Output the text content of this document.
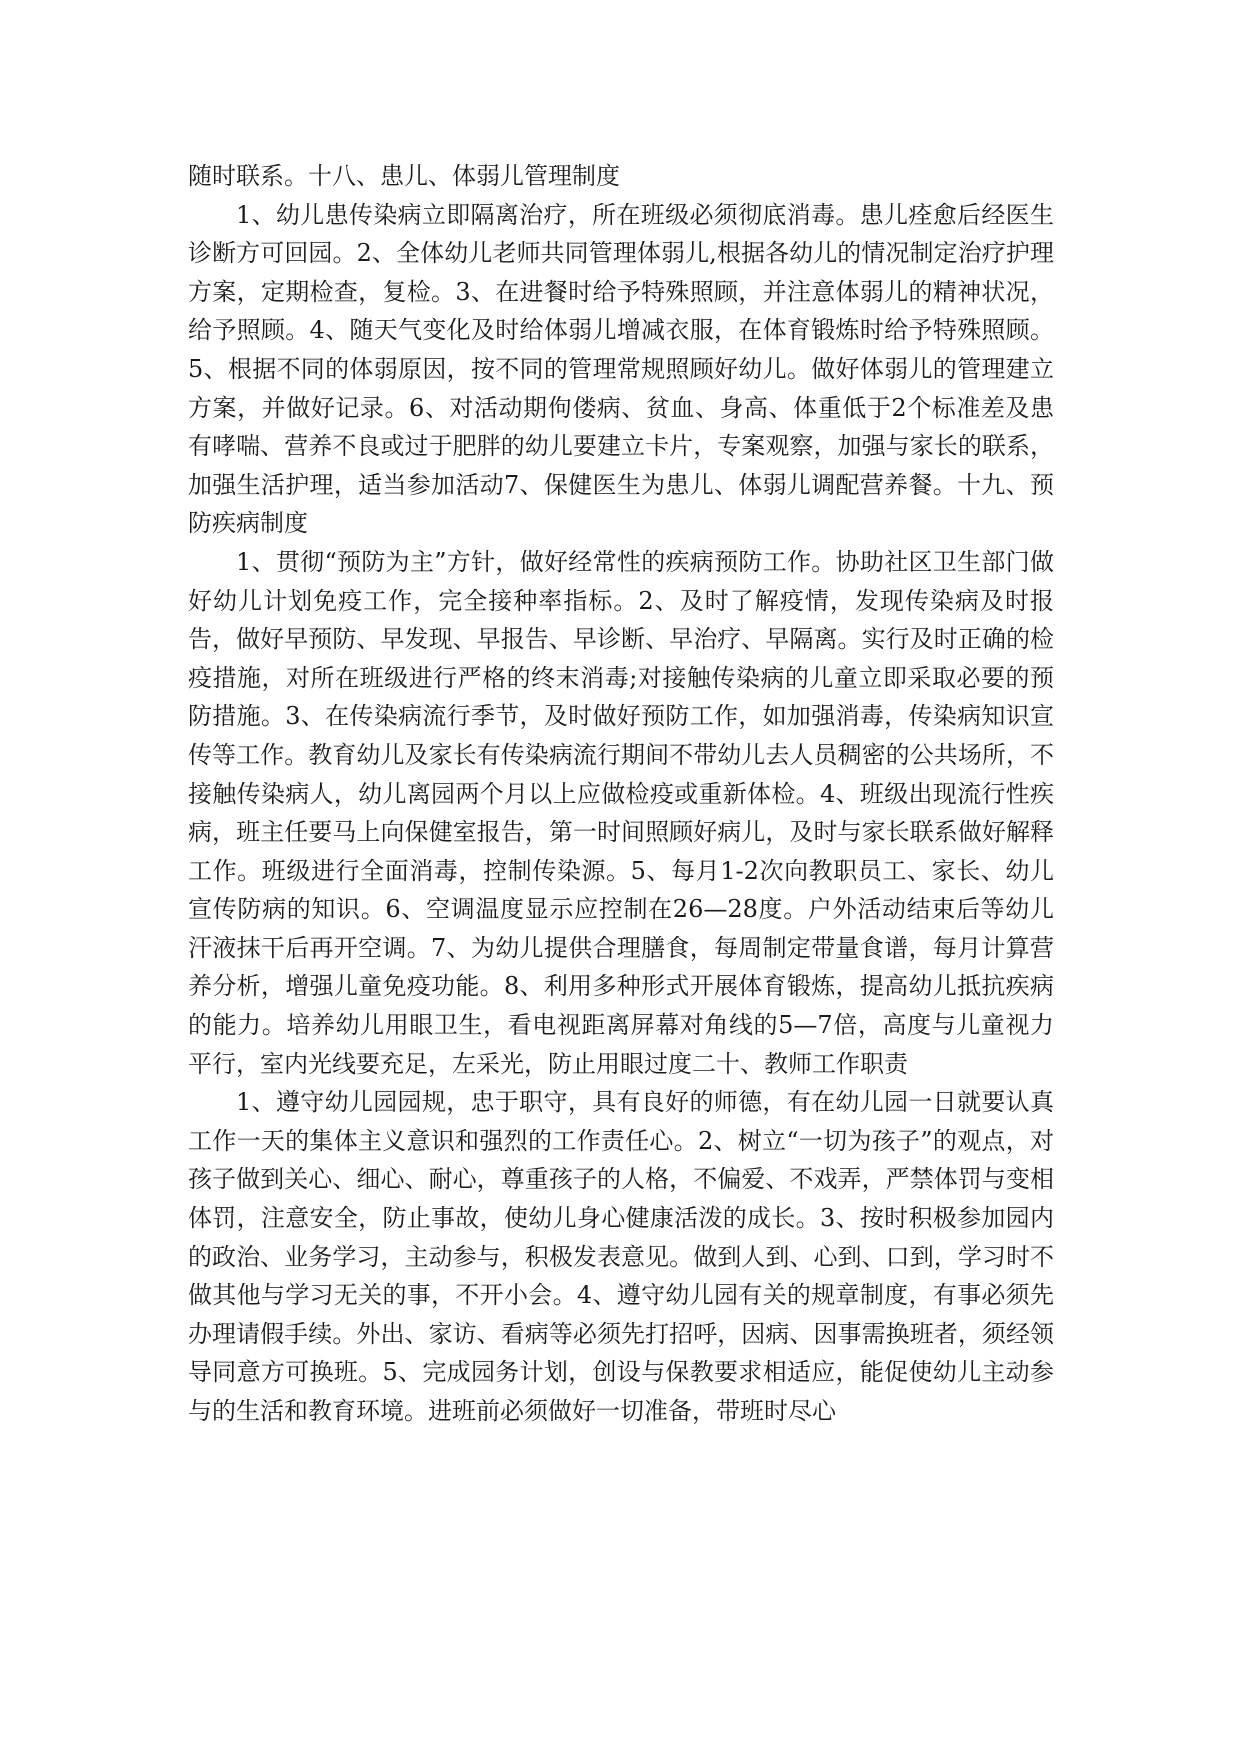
随时联系。十八、患儿、体弱儿管理制度

1、幼儿患传染病立即隔离治疗，所在班级必须彻底消毒。患儿痊愈后经医生诊断方可回园。2、全体幼儿老师共同管理体弱儿,根据各幼儿的情况制定治疗护理方案，定期检查，复检。3、在进餐时给予特殊照顾，并注意体弱儿的精神状况，给予照顾。4、随天气变化及时给体弱儿增减衣服，在体育锻炼时给予特殊照顾。5、根据不同的体弱原因，按不同的管理常规照顾好幼儿。做好体弱儿的管理建立方案，并做好记录。6、对活动期佝偻病、贫血、身高、体重低于2个标准差及患有哮喘、营养不良或过于肥胖的幼儿要建立卡片，专案观察，加强与家长的联系，加强生活护理，适当参加活动7、保健医生为患儿、体弱儿调配营养餐。十九、预防疾病制度

1、贯彻“预防为主”方针，做好经常性的疾病预防工作。协助社区卫生部门做好幼儿计划免疫工作，完全接种率指标。2、及时了解疫情，发现传染病及时报告，做好早预防、早发现、早报告、早诊断、早治疗、早隔离。实行及时正确的检疫措施，对所在班级进行严格的终末消毒;对接触传染病的儿童立即采取必要的预防措施。3、在传染病流行季节，及时做好预防工作，如加强消毒，传染病知识宣传等工作。教育幼儿及家长有传染病流行期间不带幼儿去人员稠密的公共场所，不接触传染病人，幼儿离园两个月以上应做检疫或重新体检。4、班级出现流行性疾病，班主任要马上向保健室报告，第一时间照顾好病儿，及时与家长联系做好解释工作。班级进行全面消毒，控制传染源。5、每月1-2次向教职员工、家长、幼儿宣传防病的知识。6、空调温度显示应控制在26—28度。户外活动结束后等幼儿汗液抹干后再开空调。7、为幼儿提供合理膳食，每周制定带量食谱，每月计算营养分析，增强儿童免疫功能。8、利用多种形式开展体育锻炼，提高幼儿抵抗疾病的能力。培养幼儿用眼卫生，看电视距离屏幕对角线的5—7倍，高度与儿童视力平行，室内光线要充足，左采光，防止用眼过度二十、教师工作职责

1、遵守幼儿园园规，忠于职守，具有良好的师德，有在幼儿园一日就要认真工作一天的集体主义意识和强烈的工作责任心。2、树立“一切为孩子”的观点，对孩子做到关心、细心、耐心，尊重孩子的人格，不偏爱、不戏弄，严禁体罚与变相体罚，注意安全，防止事故，使幼儿身心健康活泼的成长。3、按时积极参加园内的政治、业务学习，主动参与，积极发表意见。做到人到、心到、口到，学习时不做其他与学习无关的事，不开小会。4、遵守幼儿园有关的规章制度，有事必须先办理请假手续。外出、家访、看病等必须先打招呼，因病、因事需换班者，须经领导同意方可换班。5、完成园务计划，创设与保教要求相适应，能促使幼儿主动参与的生活和教育环境。进班前必须做好一切准备，带班时尽心
